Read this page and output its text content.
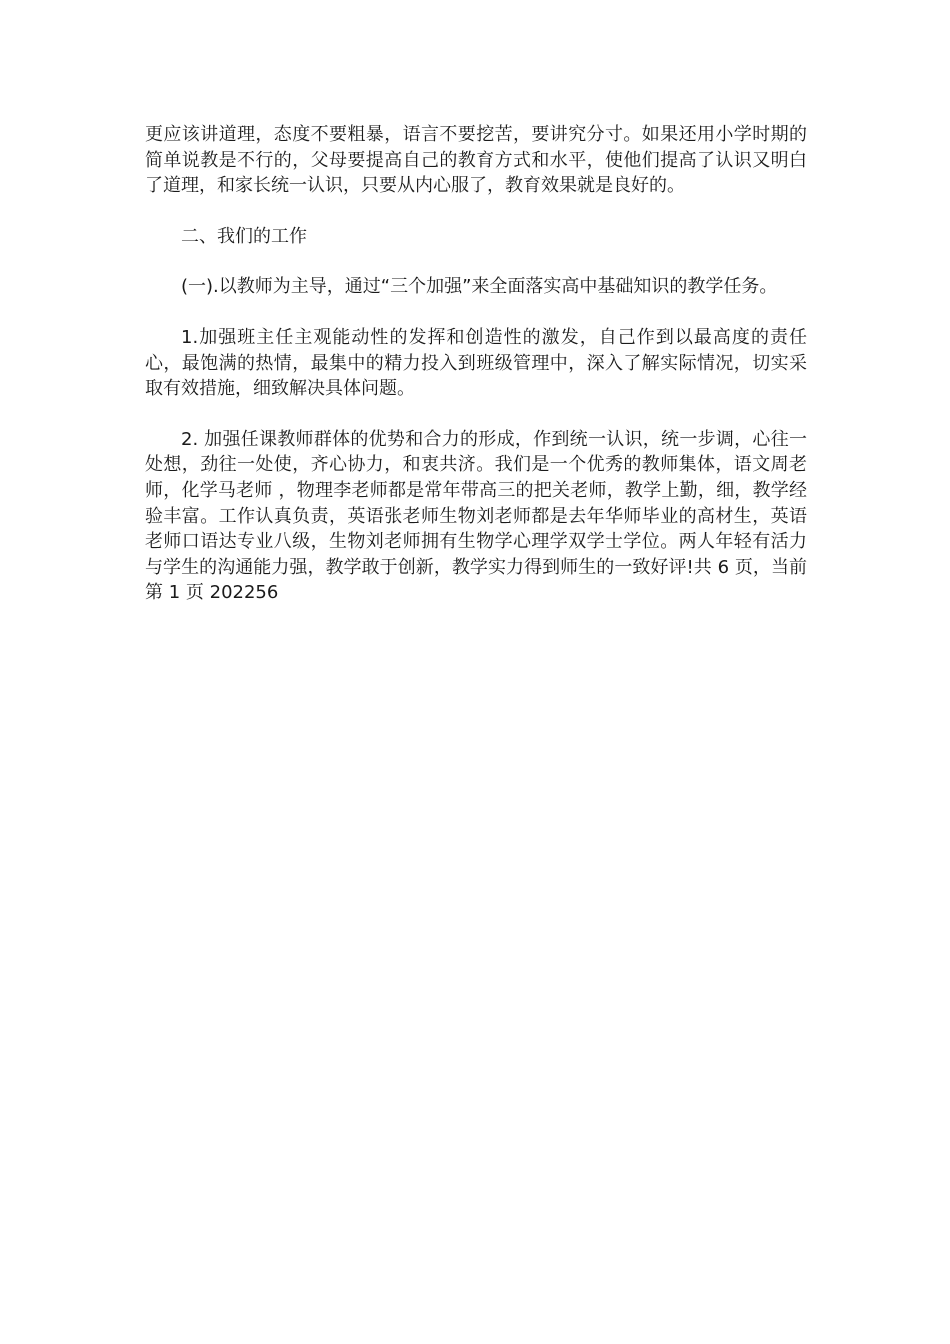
更应该讲道理，态度不要粗暴，语言不要挖苦，要讲究分寸。如果还用小学时期的简单说教是不行的，父母要提高自己的教育方式和水平，使他们提高了认识又明白了道理，和家长统一认识，只要从内心服了，教育效果就是良好的。

二、我们的工作

(一).以教师为主导，通过“三个加强”来全面落实高中基础知识的教学任务。

1.加强班主任主观能动性的发挥和创造性的激发，自己作到以最高度的责任心，最饱满的热情，最集中的精力投入到班级管理中，深入了解实际情况，切实采取有效措施，细致解决具体问题。

2. 加强任课教师群体的优势和合力的形成，作到统一认识，统一步调，心往一处想，劲往一处使，齐心协力，和衷共济。我们是一个优秀的教师集体，语文周老师，化学马老师 ，物理李老师都是常年带高三的把关老师，教学上勤，细，教学经验丰富。工作认真负责，英语张老师生物刘老师都是去年华师毕业的高材生，英语老师口语达专业八级，生物刘老师拥有生物学心理学双学士学位。两人年轻有活力与学生的沟通能力强，教学敢于创新，教学实力得到师生的一致好评!共 6 页，当前第 1 页 202256
